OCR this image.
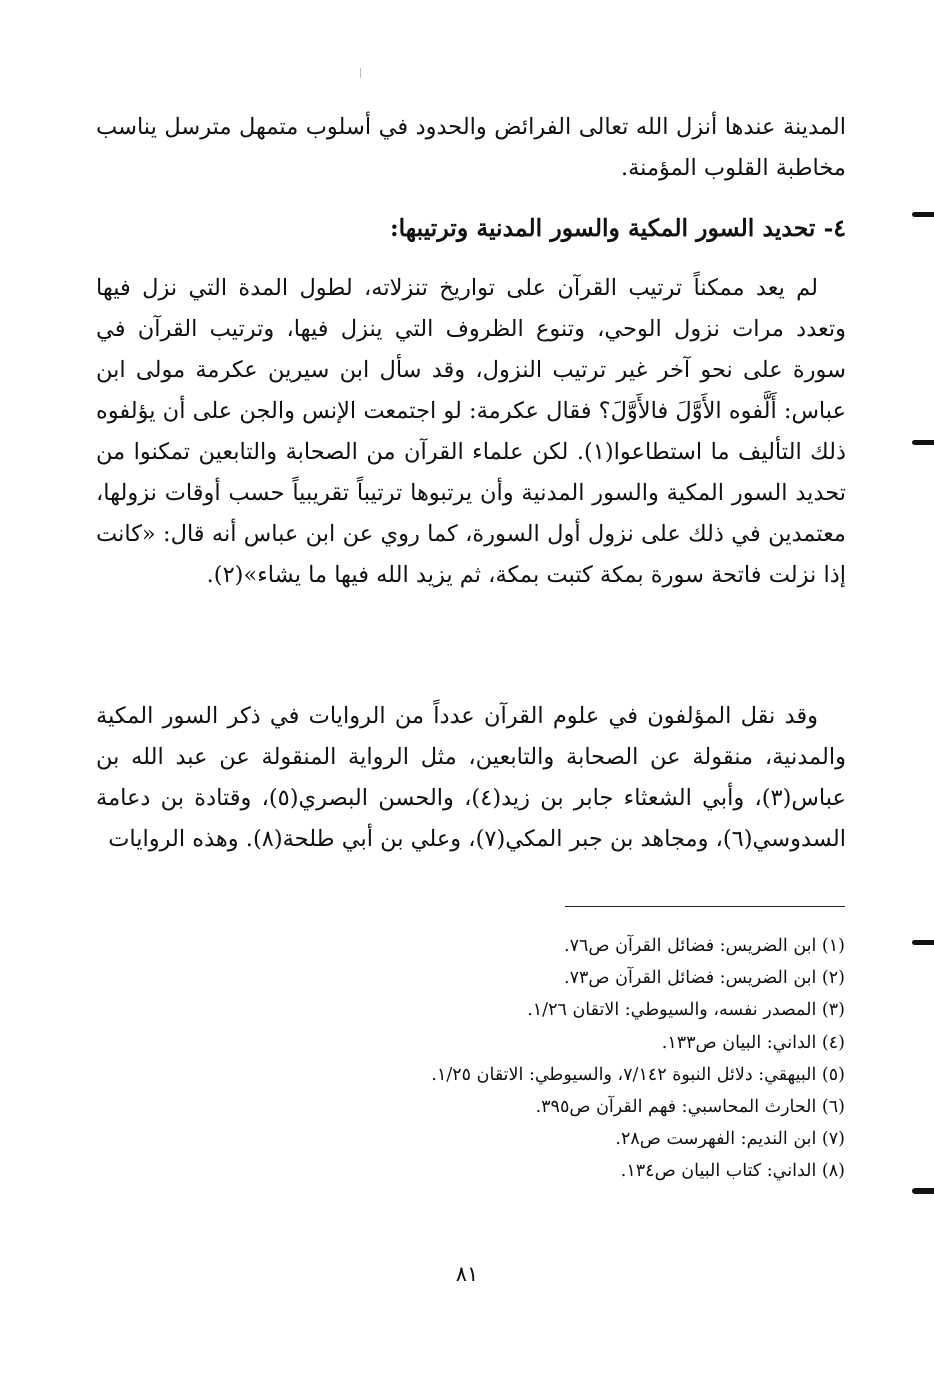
المدينة عندها أنزل الله تعالى الفرائض والحدود في أسلوب متمهل مترسل يناسب مخاطبة القلوب المؤمنة.

٤- تحديد السور المكية والسور المدنية وترتيبها:

لم يعد ممكناً ترتيب القرآن على تواريخ تنزلاته، لطول المدة التي نزل فيها وتعدد مرات نزول الوحي، وتنوع الظروف التي ينزل فيها، وترتيب القرآن في سورة على نحو آخر غير ترتيب النزول، وقد سأل ابن سيرين عكرمة مولى ابن عباس: أَلَّفوه الأَوَّلَ فالأَوَّلَ؟ فقال عكرمة: لو اجتمعت الإنس والجن على أن يؤلفوه ذلك التأليف ما استطاعوا(١). لكن علماء القرآن من الصحابة والتابعين تمكنوا من تحديد السور المكية والسور المدنية وأن يرتبوها ترتيباً تقريبياً حسب أوقات نزولها، معتمدين في ذلك على نزول أول السورة، كما روي عن ابن عباس أنه قال: «كانت إذا نزلت فاتحة سورة بمكة كتبت بمكة، ثم يزيد الله فيها ما يشاء»(٢).

وقد نقل المؤلفون في علوم القرآن عدداً من الروايات في ذكر السور المكية والمدنية، منقولة عن الصحابة والتابعين، مثل الرواية المنقولة عن عبد الله بن عباس(٣)، وأبي الشعثاء جابر بن زيد(٤)، والحسن البصري(٥)، وقتادة بن دعامة السدوسي(٦)، ومجاهد بن جبر المكي(٧)، وعلي بن أبي طلحة(٨). وهذه الروايات

(١) ابن الضريس: فضائل القرآن ص٧٦.
(٢) ابن الضريس: فضائل القرآن ص٧٣.
(٣) المصدر نفسه، والسيوطي: الاتقان ١/٢٦.
(٤) الداني: البيان ص١٣٣.
(٥) البيهقي: دلائل النبوة ٧/١٤٢، والسيوطي: الاتقان ١/٢٥.
(٦) الحارث المحاسبي: فهم القرآن ص٣٩٥.
(٧) ابن النديم: الفهرست ص٢٨.
(٨) الداني: كتاب البيان ص١٣٤.
٨١
